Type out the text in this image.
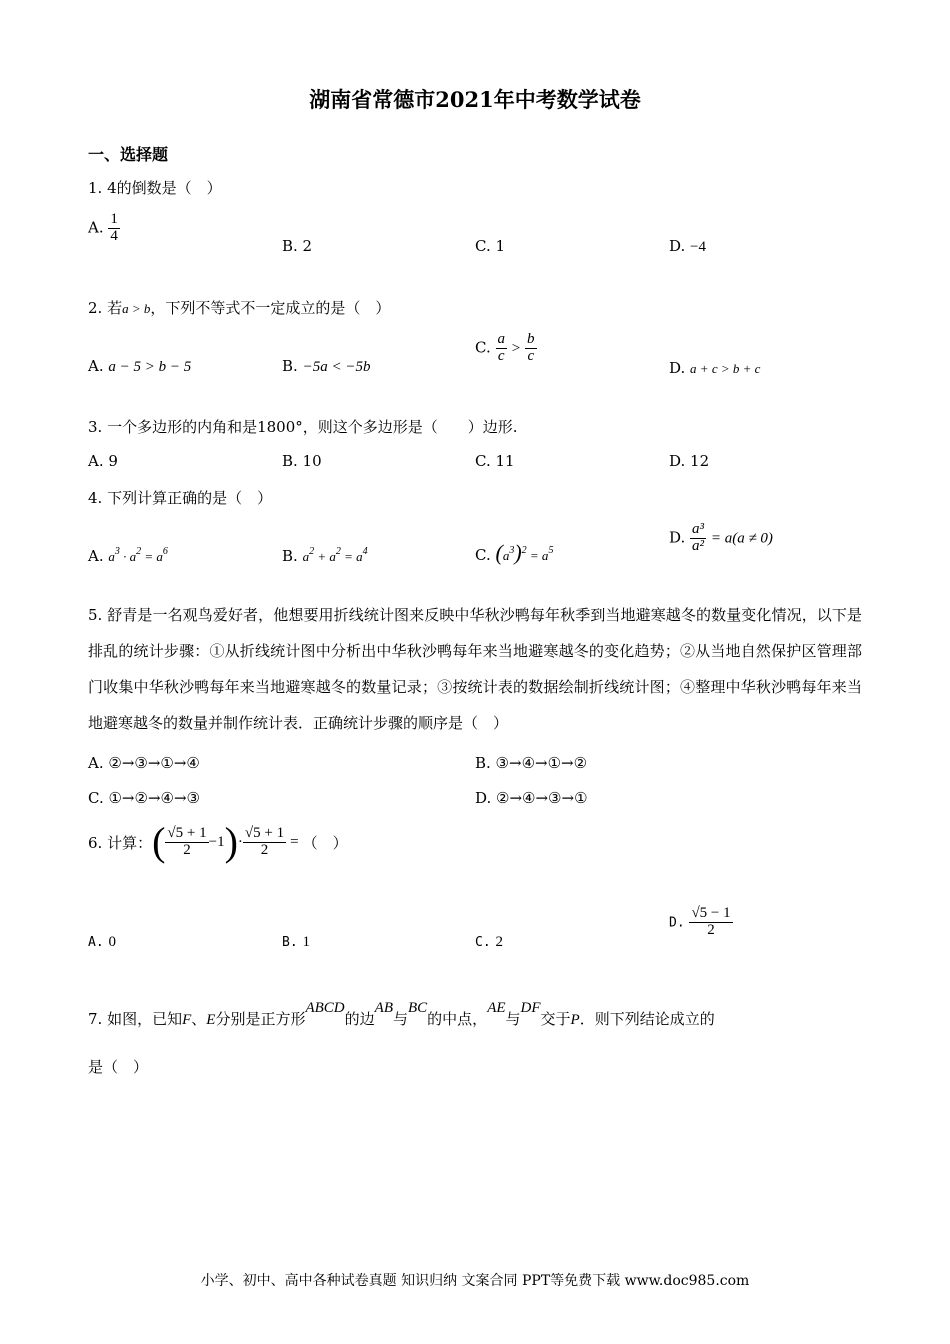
湖南省常德市2021年中考数学试卷
一、选择题
1. 4的倒数是（　）
A. $\frac{1}{4}$
B. 2	C. 1	D. −4
2. 若a > b，下列不等式不一定成立的是（　）
A. a − 5 > b − 5	B. −5a < −5b
C. $\frac{a}{c} > \frac{b}{c}$
D. a + c > b + c
3. 一个多边形的内角和是1800°，则这个多边形是（　　）边形.
A. 9	B. 10	C. 11	D. 12
4. 下列计算正确的是（　）
A. $a^3 \cdot a^2 = a^6$	B. $a^2 + a^2 = a^4$	C. $(a^3)^2 = a^5$
D. $\frac{\text{a³}}{\text{a²}} = a(a \ne 0)$
5. 舒青是一名观鸟爱好者，他想要用折线统计图来反映中华秋沙鸭每年秋季到当地避寒越冬的数量变化情况，以下是排乱的统计步骤：①从折线统计图中分析出中华秋沙鸭每年来当地避寒越冬的变化趋势；②从当地自然保护区管理部门收集中华秋沙鸭每年来当地避寒越冬的数量记录；③按统计表的数据绘制折线统计图；④整理中华秋沙鸭每年来当地避寒越冬的数量并制作统计表．正确统计步骤的顺序是（　）
A. ②→③→①→④	B. ③→④→①→②
C. ①→②→④→③	D. ②→④→③→①
6. 计算： ( $\frac{√5 + 1}{2} -1$ ) · $\frac{√5 + 1}{2}$ = （　）
A. 0	B. 1	C. 2
D. $\frac{√5 - 1}{2}$
7. 如图，已知F、E分别是正方形ABCD的边AB与BC的中点，AE与DF交于P．则下列结论成立的
是（　）
小学、初中、高中各种试卷真题 知识归纳 文案合同 PPT等免费下载 www.doc985.com
